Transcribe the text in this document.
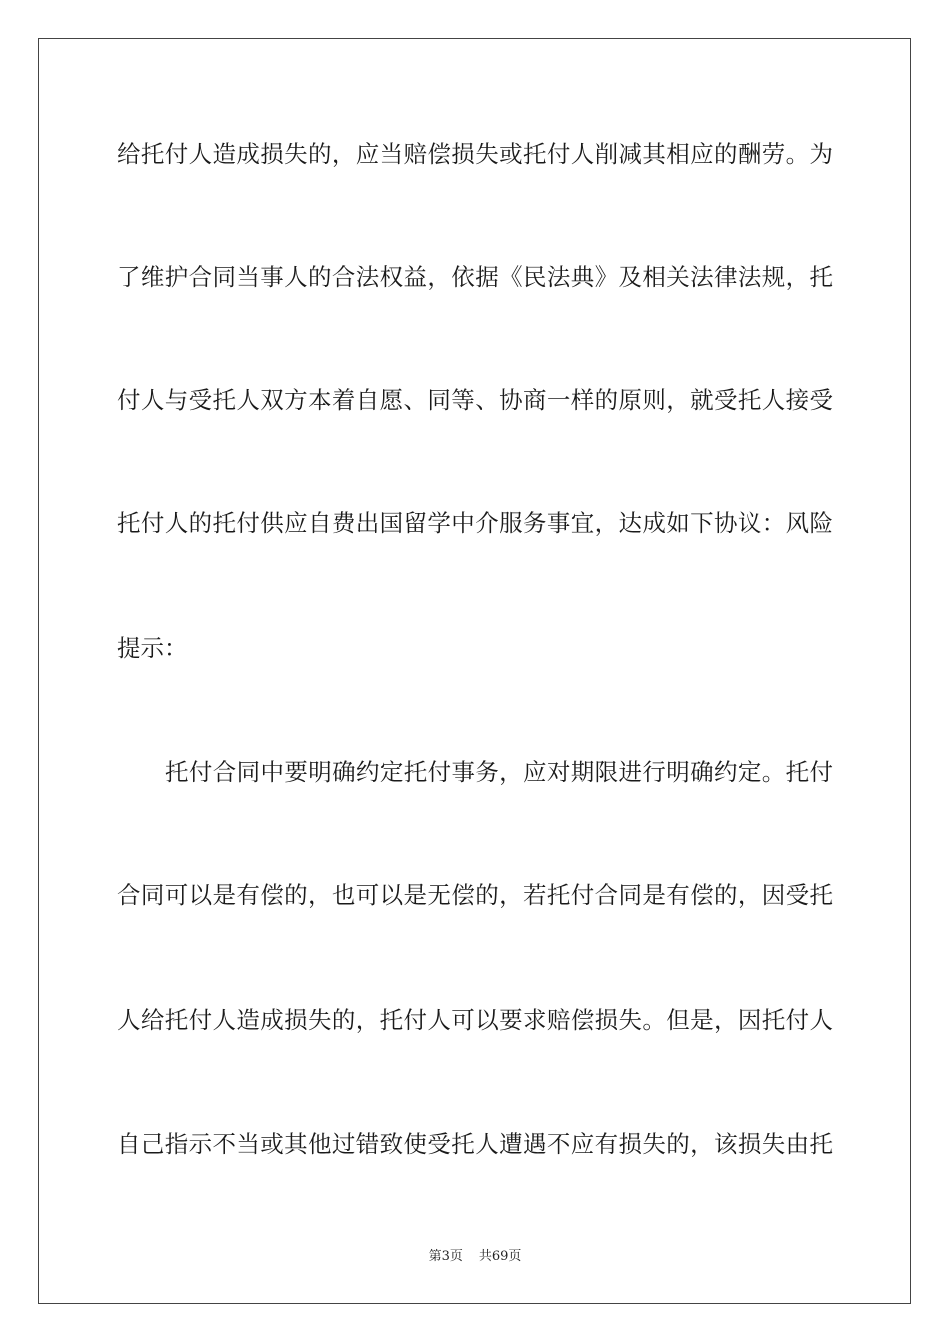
给托付人造成损失的，应当赔偿损失或托付人削减其相应的酬劳。为
了维护合同当事人的合法权益，依据《民法典》及相关法律法规，托
付人与受托人双方本着自愿、同等、协商一样的原则，就受托人接受
托付人的托付供应自费出国留学中介服务事宜，达成如下协议：风险
提示：
托付合同中要明确约定托付事务，应对期限进行明确约定。托付
合同可以是有偿的，也可以是无偿的，若托付合同是有偿的，因受托
人给托付人造成损失的，托付人可以要求赔偿损失。但是，因托付人
自己指示不当或其他过错致使受托人遭遇不应有损失的，该损失由托
第3页 共69页
